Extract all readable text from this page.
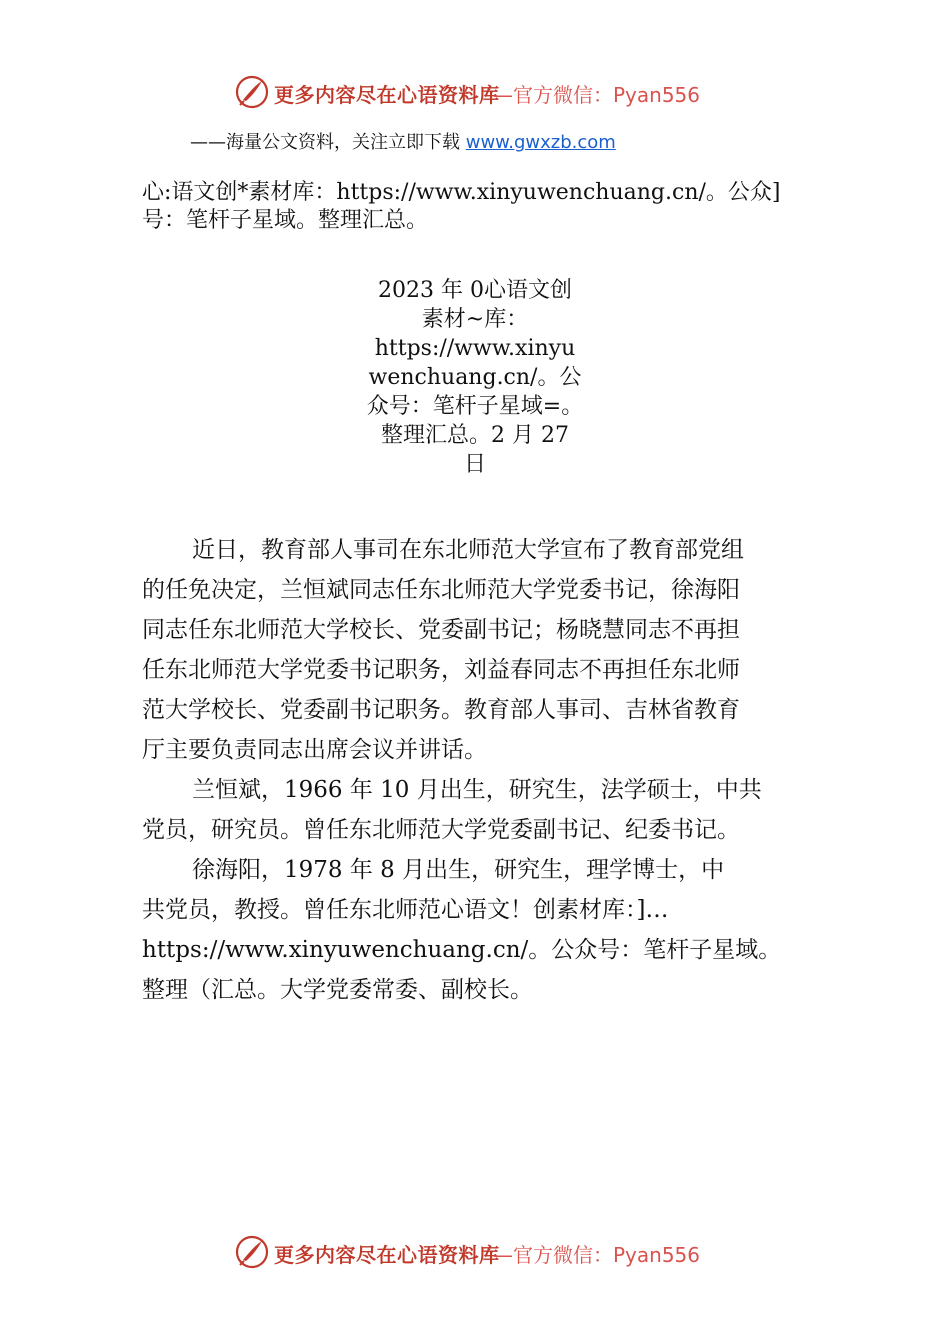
更多内容尽在心语资料库
—官方微信：Pyan556
——海量公文资料，关注立即下载 www.gwxzb.com
心:语文创*素材库：https://www.xinyuwenchuang.cn/。公众]
号：笔杆子星域。整理汇总。
2023 年 0心语文创
素材~库：
https://www.xinyu
wenchuang.cn/。公
众号：笔杆子星域=。
整理汇总。2 月 27
日
近日，教育部人事司在东北师范大学宣布了教育部党组
的任免决定，兰恒斌同志任东北师范大学党委书记，徐海阳
同志任东北师范大学校长、党委副书记；杨晓慧同志不再担
任东北师范大学党委书记职务，刘益春同志不再担任东北师
范大学校长、党委副书记职务。教育部人事司、吉林省教育
厅主要负责同志出席会议并讲话。
兰恒斌，1966 年 10 月出生，研究生，法学硕士，中共
党员，研究员。曾任东北师范大学党委副书记、纪委书记。
徐海阳，1978 年 8 月出生，研究生，理学博士，中
共党员，教授。曾任东北师范心语文！创素材库：]…
https://www.xinyuwenchuang.cn/。公众号：笔杆子星域。
整理（汇总。大学党委常委、副校长。
更多内容尽在心语资料库
—官方微信：Pyan556
